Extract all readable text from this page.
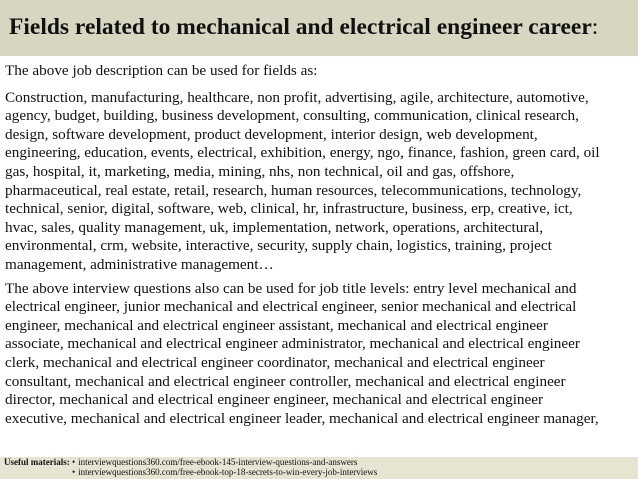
Fields related to mechanical and electrical engineer career:

The above job description can be used for fields as:

Construction, manufacturing, healthcare, non profit, advertising, agile, architecture, automotive,
agency, budget, building, business development, consulting, communication, clinical research,
design, software development, product development, interior design, web development,
engineering, education, events, electrical, exhibition, energy, ngo, finance, fashion, green card, oil
gas, hospital, it, marketing, media, mining, nhs, non technical, oil and gas, offshore,
pharmaceutical, real estate, retail, research, human resources, telecommunications, technology,
technical, senior, digital, software, web, clinical, hr, infrastructure, business, erp, creative, ict,
hvac, sales, quality management, uk, implementation, network, operations, architectural,
environmental, crm, website, interactive, security, supply chain, logistics, training, project
management, administrative management…

The above interview questions also can be used for job title levels: entry level mechanical and
electrical engineer, junior mechanical and electrical engineer, senior mechanical and electrical
engineer, mechanical and electrical engineer assistant, mechanical and electrical engineer
associate, mechanical and electrical engineer administrator, mechanical and electrical engineer
clerk, mechanical and electrical engineer coordinator, mechanical and electrical engineer
consultant, mechanical and electrical engineer controller, mechanical and electrical engineer
director, mechanical and electrical engineer engineer, mechanical and electrical engineer
executive, mechanical and electrical engineer leader, mechanical and electrical engineer manager,

Useful materials: • interviewquestions360.com/free-ebook-145-interview-questions-and-answers
• interviewquestions360.com/free-ebook-top-18-secrets-to-win-every-job-interviews
